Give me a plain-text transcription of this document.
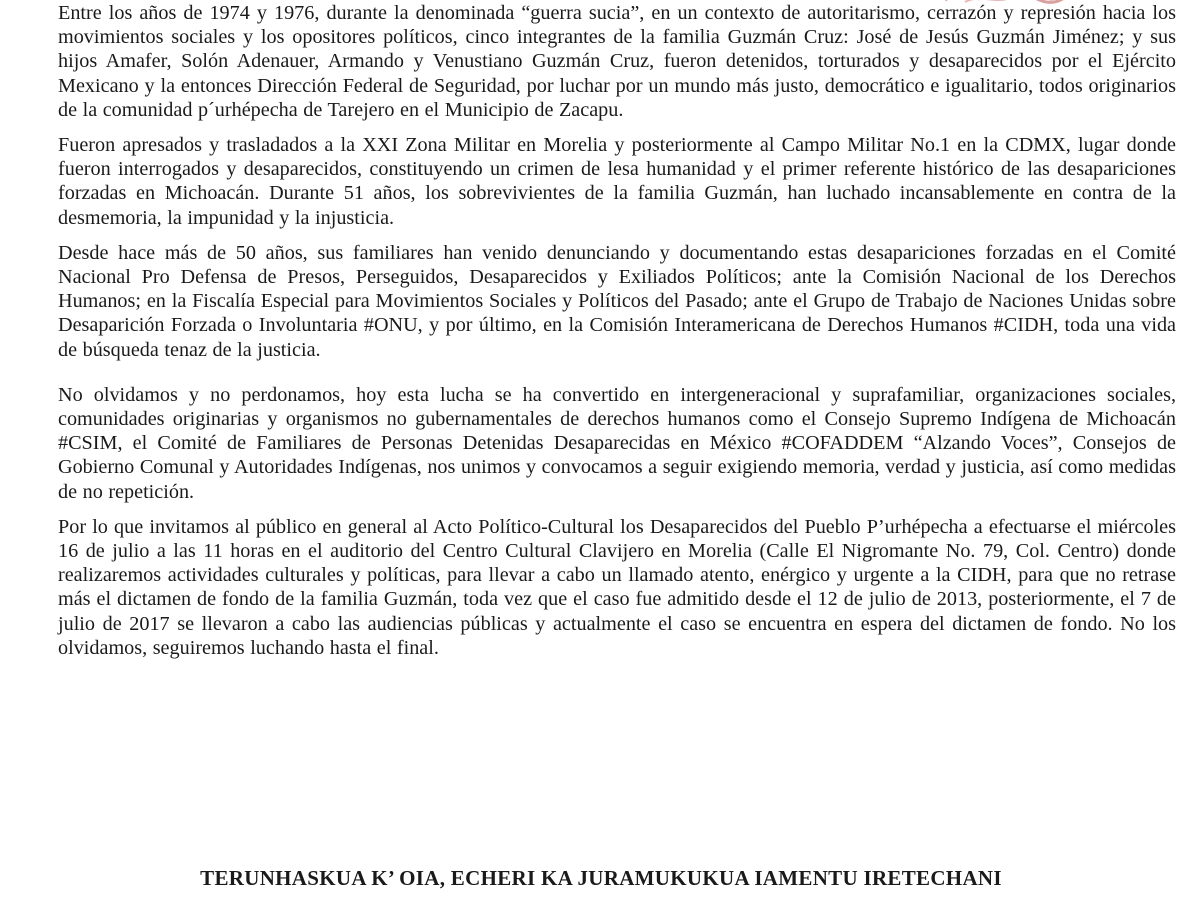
Entre los años de 1974 y 1976, durante la denominada “guerra sucia”, en un contexto de autoritarismo, cerrazón y represión hacia los movimientos sociales y los opositores políticos, cinco integrantes de la familia Guzmán Cruz: José de Jesús Guzmán Jiménez; y sus hijos Amafer, Solón Adenauer, Armando y Venustiano Guzmán Cruz, fueron detenidos, torturados y desaparecidos por el Ejército Mexicano y la entonces Dirección Federal de Seguridad, por luchar por un mundo más justo, democrático e igualitario, todos originarios de la comunidad p´urhépecha de Tarejero en el Municipio de Zacapu.

Fueron apresados y trasladados a la XXI Zona Militar en Morelia y posteriormente al Campo Militar No.1 en la CDMX, lugar donde fueron interrogados y desaparecidos, constituyendo un crimen de lesa humanidad y el primer referente histórico de las desapariciones forzadas en Michoacán. Durante 51 años, los sobrevivientes de la familia Guzmán, han luchado incansablemente en contra de la desmemoria, la impunidad y la injusticia.

Desde hace más de 50 años, sus familiares han venido denunciando y documentando estas desapariciones forzadas en el Comité Nacional Pro Defensa de Presos, Perseguidos, Desaparecidos y Exiliados Políticos; ante la Comisión Nacional de los Derechos Humanos; en la Fiscalía Especial para Movimientos Sociales y Políticos del Pasado; ante el Grupo de Trabajo de Naciones Unidas sobre Desaparición Forzada o Involuntaria #ONU, y por último, en la Comisión Interamericana de Derechos Humanos #CIDH, toda una vida de búsqueda tenaz de la justicia.

No olvidamos y no perdonamos, hoy esta lucha se ha convertido en intergeneracional y suprafamiliar, organizaciones sociales, comunidades originarias y organismos no gubernamentales de derechos humanos como el Consejo Supremo Indígena de Michoacán #CSIM, el Comité de Familiares de Personas Detenidas Desaparecidas en México #COFADDEM “Alzando Voces”, Consejos de Gobierno Comunal y Autoridades Indígenas, nos unimos y convocamos a seguir exigiendo memoria, verdad y justicia, así como medidas de no repetición.

Por lo que invitamos al público en general al Acto Político-Cultural los Desaparecidos del Pueblo P’urhépecha a efectuarse el miércoles 16 de julio a las 11 horas en el auditorio del Centro Cultural Clavijero en Morelia (Calle El Nigromante No. 79, Col. Centro) donde realizaremos actividades culturales y políticas, para llevar a cabo un llamado atento, enérgico y urgente a la CIDH, para que no retrase más el dictamen de fondo de la familia Guzmán, toda vez que el caso fue admitido desde el 12 de julio de 2013, posteriormente, el 7 de julio de 2017 se llevaron a cabo las audiencias públicas y actualmente el caso se encuentra en espera del dictamen de fondo. No los olvidamos, seguiremos luchando hasta el final.

TERUNHASKUA K’ OIA, ECHERI KA JURAMUKUKUA IAMENTU IRETECHANI
